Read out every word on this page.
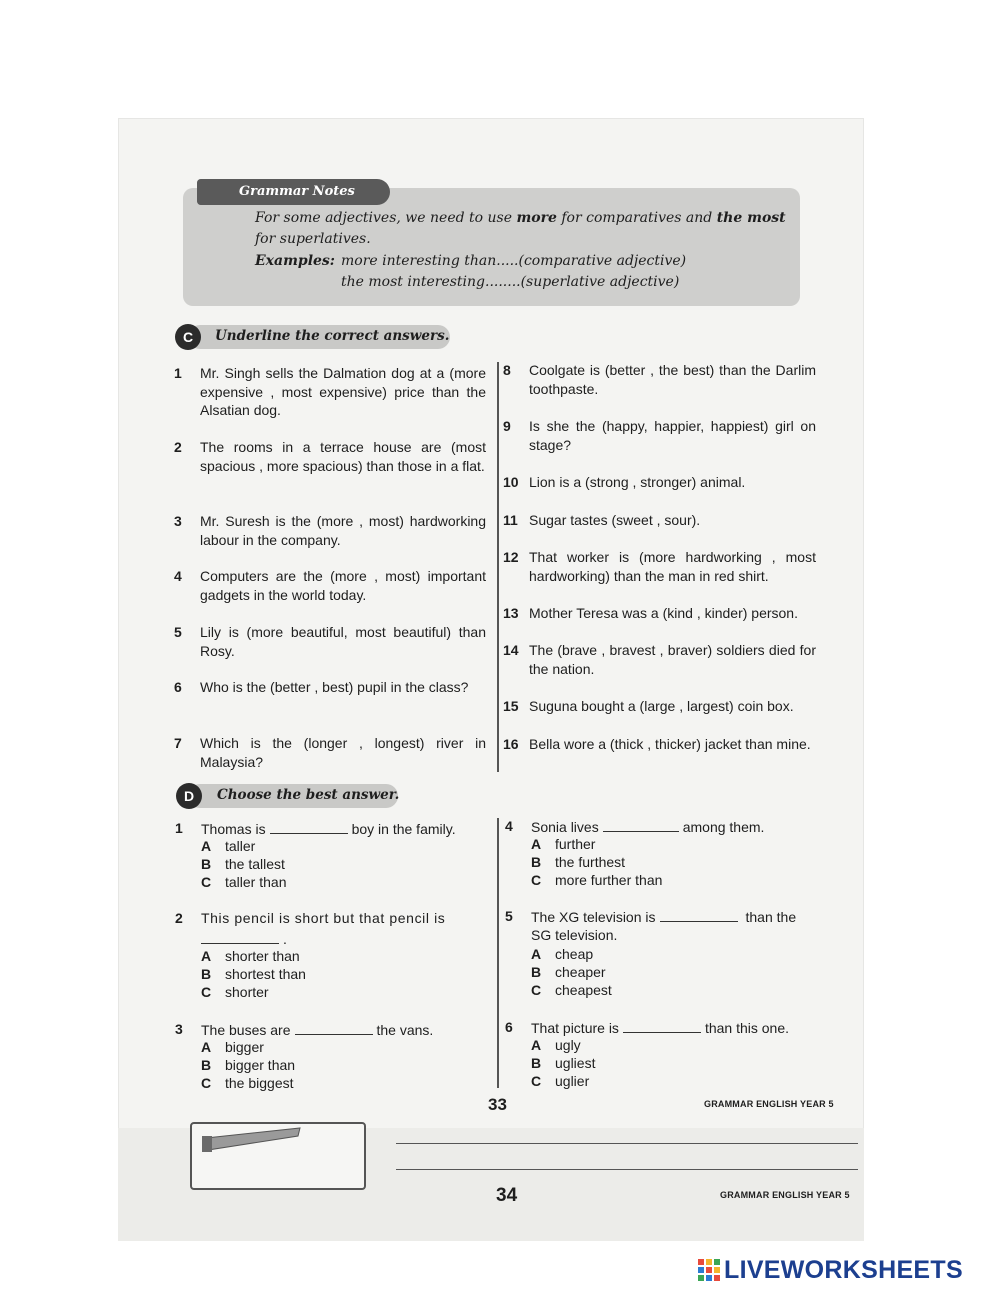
Grammar Notes
For some adjectives, we need to use more for comparatives and the most
for superlatives.
Examples: more interesting than.....(comparative adjective)
the most interesting........(superlative adjective)
C	Underline the correct answers.
1 Mr. Singh sells the Dalmation dog at a (more expensive , most expensive) price than the Alsatian dog.
2 The rooms in a terrace house are (most spacious , more spacious) than those in a flat.
3 Mr. Suresh is the (more , most) hardworking labour in the company.
4 Computers are the (more , most) important gadgets in the world today.
5 Lily is (more beautiful, most beautiful) than Rosy.
6 Who is the (better , best) pupil in the class?
7 Which is the (longer , longest) river in Malaysia?
8 Coolgate is (better , the best) than the Darlim toothpaste.
9 Is she the (happy, happier, happiest) girl on stage?
10 Lion is a (strong , stronger) animal.
11 Sugar tastes (sweet , sour).
12 That worker is (more hardworking , most hardworking) than the man in red shirt.
13 Mother Teresa was a (kind , kinder) person.
14 The (brave , bravest , braver) soldiers died for the nation.
15 Suguna bought a (large , largest) coin box.
16 Bella wore a (thick , thicker) jacket than mine.
D	Choose the best answer.
1 Thomas is	boy in the family.
A taller
B the tallest
C taller than
2 This pencil is short but that pencil is
.
A shorter than
B shortest than
C shorter
3 The buses are	the vans.
A bigger
B bigger than
C the biggest
4 Sonia lives	among them.
A further
B the furthest
C more further than
5 The XG television is	than the
SG television.
A cheap
B cheaper
C cheapest
6 That picture is	than this one.
A ugly
B ugliest
C uglier
33	GRAMMAR ENGLISH YEAR 5
34	GRAMMAR ENGLISH YEAR 5
LIVEWORKSHEETS
